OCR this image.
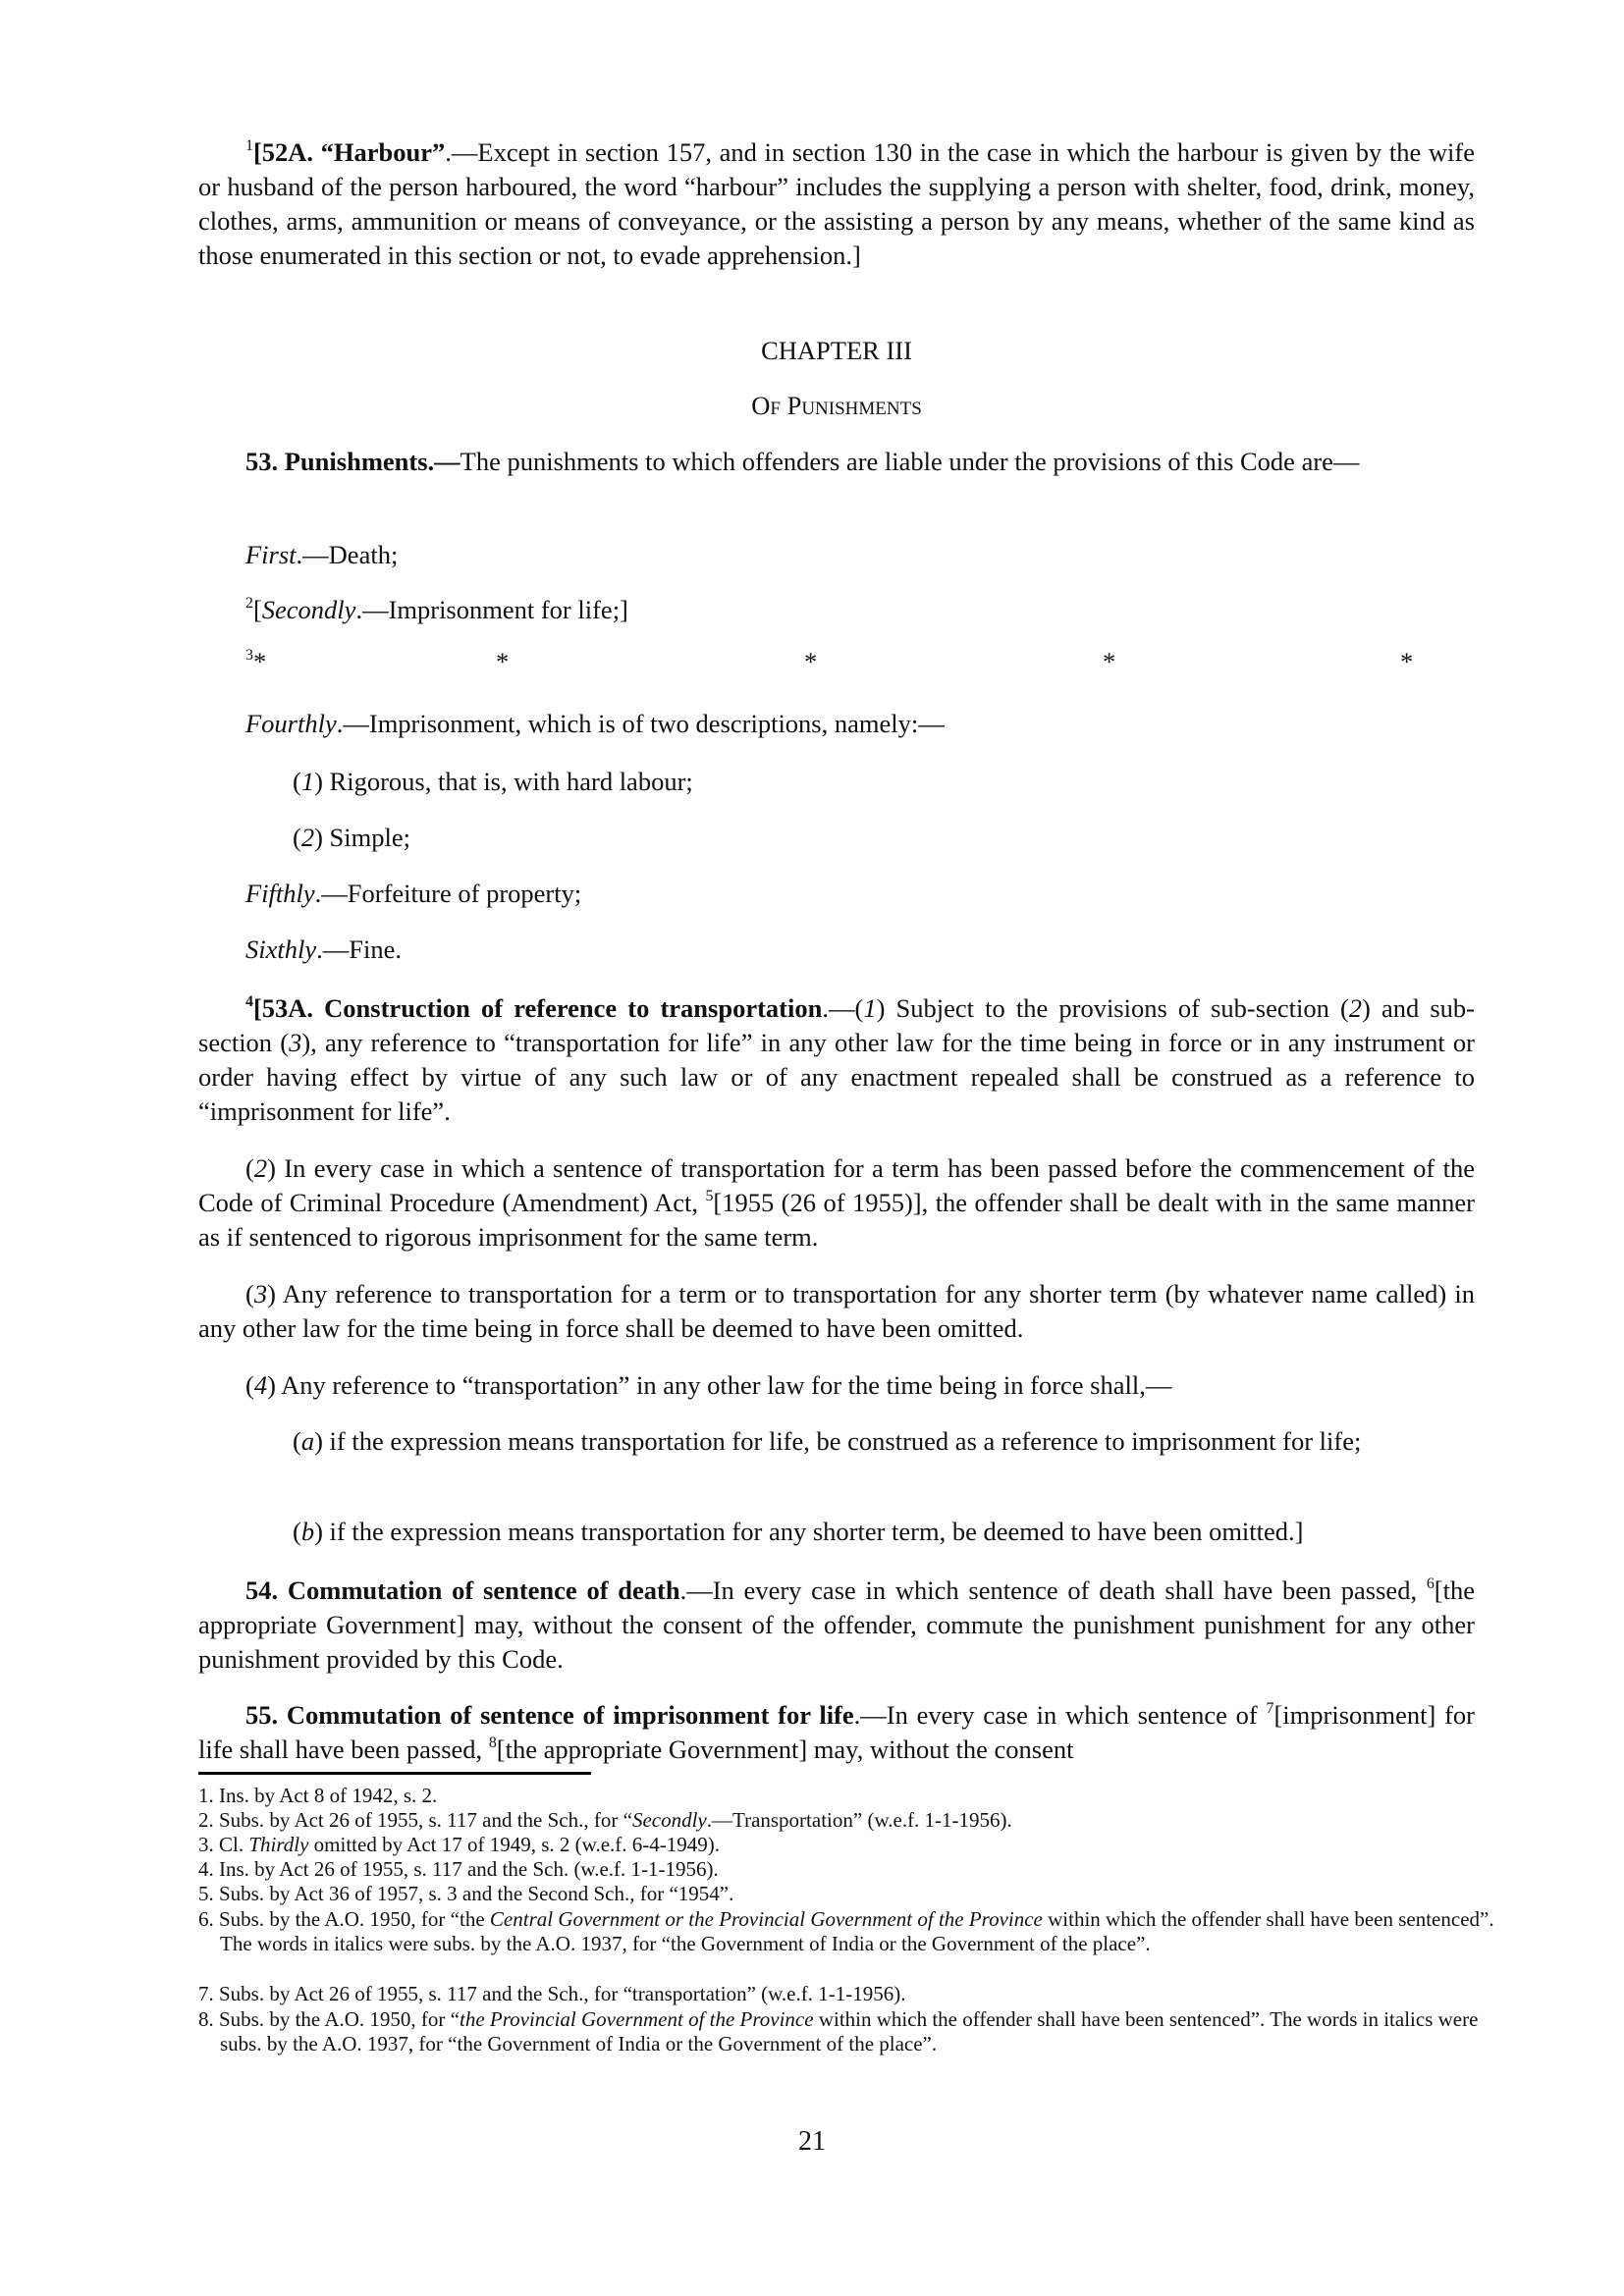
$^1$[52A. “Harbour”.—Except in section 157, and in section 130 in the case in which the harbour is given by the wife or husband of the person harboured, the word “harbour” includes the supplying a person with shelter, food, drink, money, clothes, arms, ammunition or means of conveyance, or the assisting a person by any means, whether of the same kind as those enumerated in this section or not, to evade apprehension.]

CHAPTER III
OF PUNISHMENTS

53. Punishments.—The punishments to which offenders are liable under the provisions of this Code are—

First.—Death;

$^2$[Secondly.—Imprisonment for life;]

$^3$*	*	*	*	*

Fourthly.—Imprisonment, which is of two descriptions, namely:—

(1) Rigorous, that is, with hard labour;

(2) Simple;

Fifthly.—Forfeiture of property;

Sixthly.—Fine.

$^4$[53A. Construction of reference to transportation.—(1) Subject to the provisions of sub-section (2) and sub-section (3), any reference to “transportation for life” in any other law for the time being in force or in any instrument or order having effect by virtue of any such law or of any enactment repealed shall be construed as a reference to “imprisonment for life”.

(2) In every case in which a sentence of transportation for a term has been passed before the commencement of the Code of Criminal Procedure (Amendment) Act, $^5$[1955 (26 of 1955)], the offender shall be dealt with in the same manner as if sentenced to rigorous imprisonment for the same term.

(3) Any reference to transportation for a term or to transportation for any shorter term (by whatever name called) in any other law for the time being in force shall be deemed to have been omitted.

(4) Any reference to “transportation” in any other law for the time being in force shall,—

(a) if the expression means transportation for life, be construed as a reference to imprisonment for life;

(b) if the expression means transportation for any shorter term, be deemed to have been omitted.]

54. Commutation of sentence of death.—In every case in which sentence of death shall have been passed, $^6$[the appropriate Government] may, without the consent of the offender, commute the punishment punishment for any other punishment provided by this Code.

55. Commutation of sentence of imprisonment for life.—In every case in which sentence of $^7$[imprisonment] for life shall have been passed, $^8$[the appropriate Government] may, without the consent

1. Ins. by Act 8 of 1942, s. 2.

2. Subs. by Act 26 of 1955, s. 117 and the Sch., for “Secondly.—Transportation” (w.e.f. 1-1-1956).

3. Cl. Thirdly omitted by Act 17 of 1949, s. 2 (w.e.f. 6-4-1949).

4. Ins. by Act 26 of 1955, s. 117 and the Sch. (w.e.f. 1-1-1956).

5. Subs. by Act 36 of 1957, s. 3 and the Second Sch., for “1954”.

6. Subs. by the A.O. 1950, for “the Central Government or the Provincial Government of the Province within which the offender shall have been sentenced”. The words in italics were subs. by the A.O. 1937, for “the Government of India or the Government of the place”.

7. Subs. by Act 26 of 1955, s. 117 and the Sch., for “transportation” (w.e.f. 1-1-1956).

8. Subs. by the A.O. 1950, for “the Provincial Government of the Province within which the offender shall have been sentenced”. The words in italics were subs. by the A.O. 1937, for “the Government of India or the Government of the place”.

21
